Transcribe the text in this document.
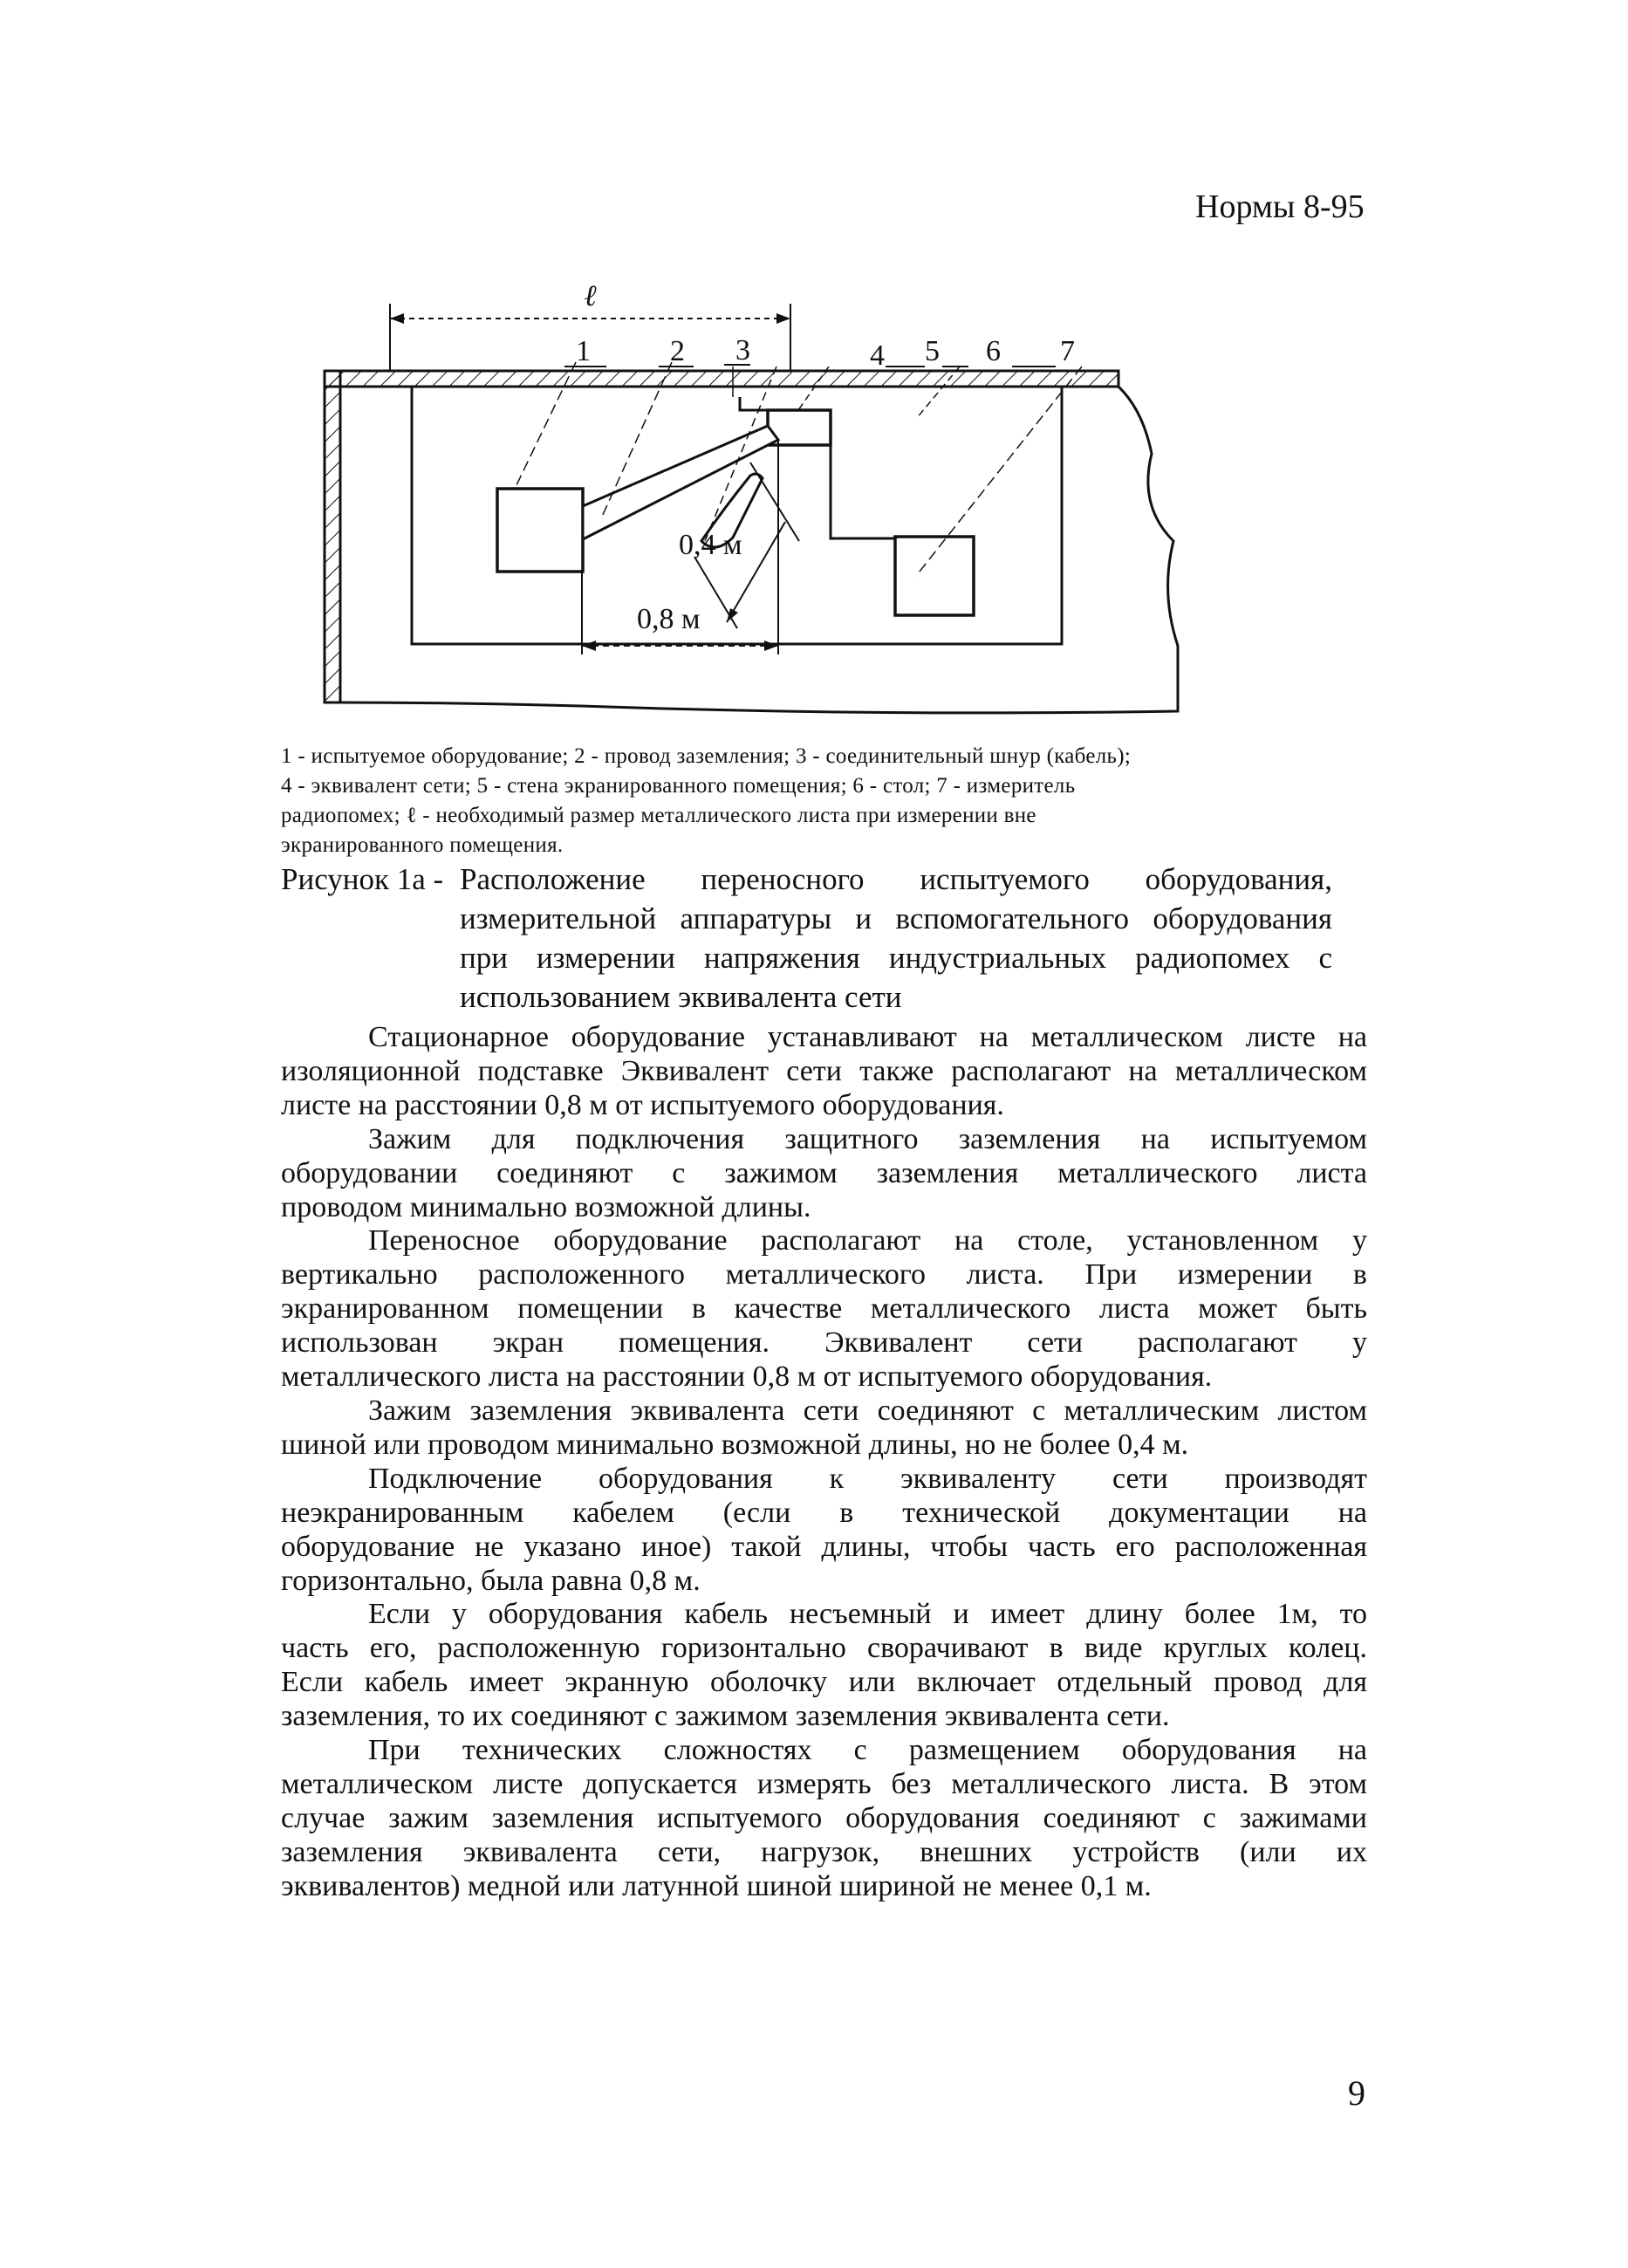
Нормы 8-95
ℓ
1	2 3	4 5 6 7
0,4 м
0,8 м
1 - испытуемое оборудование; 2 - провод заземления; 3 - соединительный шнур (кабель);
4 - эквивалент сети; 5 - стена экранированного помещения; 6 - стол; 7 - измеритель
радиопомех; ℓ - необходимый размер металлического листа при измерении вне
экранированного помещения.
Рисунок 1а - Расположение переносного испытуемого оборудования,
измерительной аппаратуры и вспомогательного оборудования
при измерении напряжения индустриальных радиопомех с
использованием эквивалента сети
Стационарное оборудование устанавливают на металлическом листе на
изоляционной подставке Эквивалент сети также располагают на металлическом
листе на расстоянии 0,8 м от испытуемого оборудования.
Зажим для подключения защитного заземления на испытуемом
оборудовании соединяют с зажимом заземления металлического листа
проводом минимально возможной длины.
Переносное оборудование располагают на столе, установленном у
вертикально расположенного металлического листа. При измерении в
экранированном помещении в качестве металлического листа может быть
использован экран помещения. Эквивалент сети располагают у
металлического листа на расстоянии 0,8 м от испытуемого оборудования.
Зажим заземления эквивалента сети соединяют с металлическим листом
шиной или проводом минимально возможной длины, но не более 0,4 м.
Подключение оборудования к эквиваленту сети производят
неэкранированным кабелем (если в технической документации на
оборудование не указано иное) такой длины, чтобы часть его расположенная
горизонтально, была равна 0,8 м.
Если у оборудования кабель несъемный и имеет длину более 1м, то
часть его, расположенную горизонтально сворачивают в виде круглых колец.
Если кабель имеет экранную оболочку или включает отдельный провод для
заземления, то их соединяют с зажимом заземления эквивалента сети.
При технических сложностях с размещением оборудования на
металлическом листе допускается измерять без металлического листа. В этом
случае зажим заземления испытуемого оборудования соединяют с зажимами
заземления эквивалента сети, нагрузок, внешних устройств (или их
эквивалентов) медной или латунной шиной шириной не менее 0,1 м.
9
